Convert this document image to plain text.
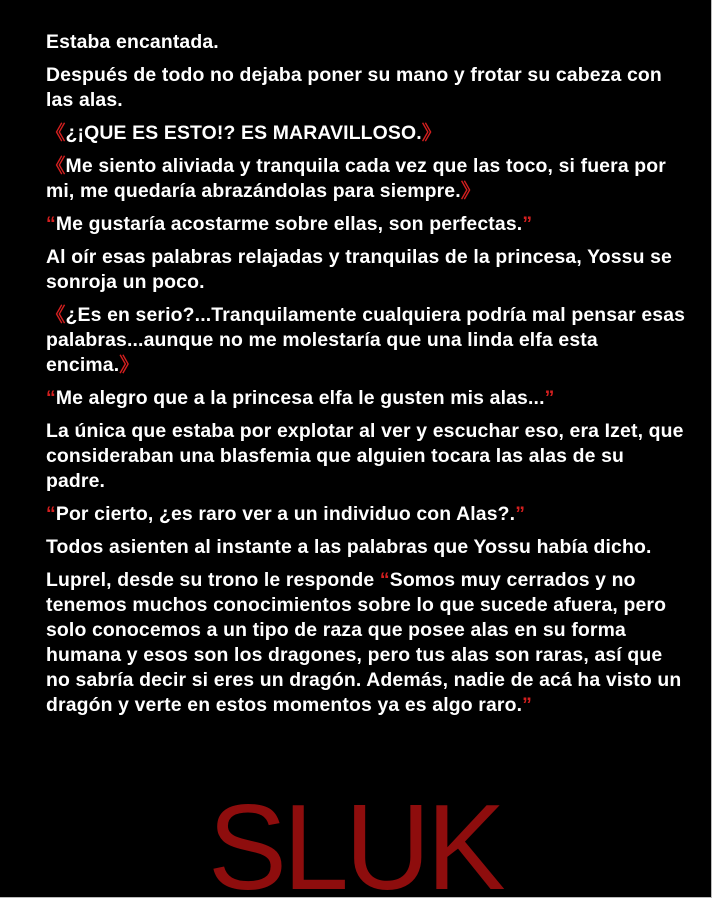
Estaba encantada.

Después de todo no dejaba poner su mano y frotar su cabeza con las alas.

《¿¡QUE ES ESTO!? ES MARAVILLOSO.》

《Me siento aliviada y tranquila cada vez que las toco, si fuera por mi, me quedaría abrazándolas para siempre.》

“Me gustaría acostarme sobre ellas, son perfectas.”

Al oír esas palabras relajadas y tranquilas de la princesa, Yossu se sonroja un poco.

《¿Es en serio?...Tranquilamente cualquiera podría mal pensar esas palabras...aunque no me molestaría que una linda elfa esta encima.》

“Me alegro que a la princesa elfa le gusten mis alas...”

La única que estaba por explotar al ver y escuchar eso, era Izet, que consideraban una blasfemia que alguien tocara las alas de su padre.

“Por cierto, ¿es raro ver a un individuo con Alas?.”

Todos asienten al instante a las palabras que Yossu había dicho.

Luprel, desde su trono le responde “Somos muy cerrados y no tenemos muchos conocimientos sobre lo que sucede afuera, pero solo conocemos a un tipo de raza que posee alas en su forma humana y esos son los dragones, pero tus alas son raras, así que no sabría decir si eres un dragón. Además, nadie de acá ha visto un dragón y verte en estos momentos ya es algo raro.”

SLUK
